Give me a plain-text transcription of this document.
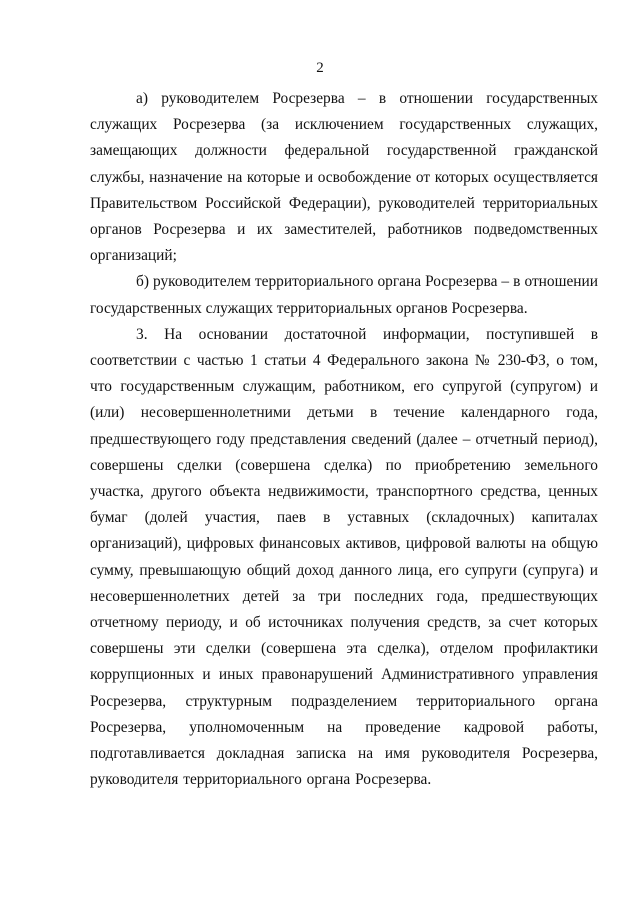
2

а) руководителем Росрезерва – в отношении государственных служащих Росрезерва (за исключением государственных служащих, замещающих должности федеральной государственной гражданской службы, назначение на которые и освобождение от которых осуществляется Правительством Российской Федерации), руководителей территориальных органов Росрезерва и их заместителей, работников подведомственных организаций;

б) руководителем территориального органа Росрезерва – в отношении государственных служащих территориальных органов Росрезерва.

3. На основании достаточной информации, поступившей в соответствии с частью 1 статьи 4 Федерального закона № 230-ФЗ, о том, что государственным служащим, работником, его супругой (супругом) и (или) несовершеннолетними детьми в течение календарного года, предшествующего году представления сведений (далее – отчетный период), совершены сделки (совершена сделка) по приобретению земельного участка, другого объекта недвижимости, транспортного средства, ценных бумаг (долей участия, паев в уставных (складочных) капиталах организаций), цифровых финансовых активов, цифровой валюты на общую сумму, превышающую общий доход данного лица, его супруги (супруга) и несовершеннолетних детей за три последних года, предшествующих отчетному периоду, и об источниках получения средств, за счет которых совершены эти сделки (совершена эта сделка), отделом профилактики коррупционных и иных правонарушений Административного управления Росрезерва, структурным подразделением территориального органа Росрезерва, уполномоченным на проведение кадровой работы, подготавливается докладная записка на имя руководителя Росрезерва, руководителя территориального органа Росрезерва.
